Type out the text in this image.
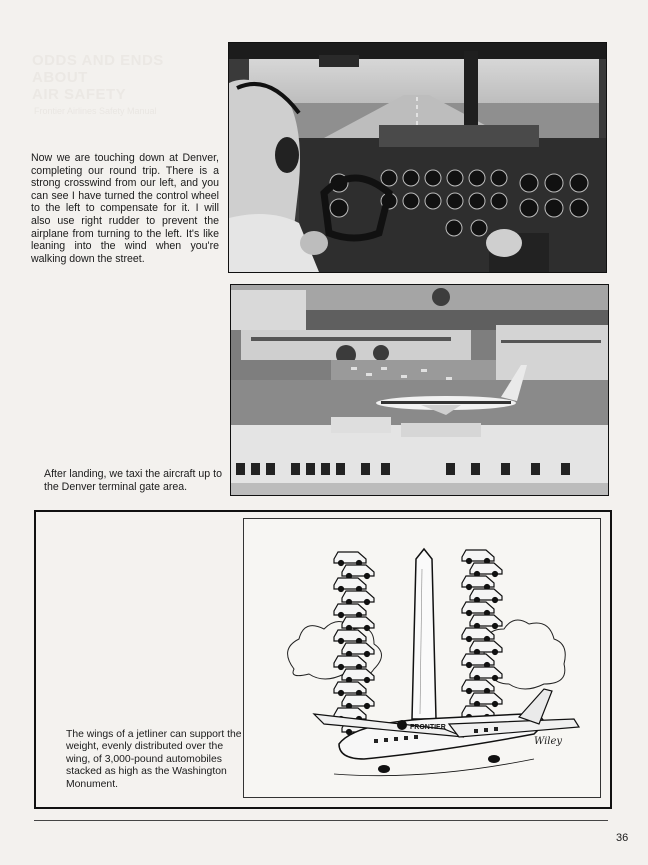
ODDS AND ENDS
ABOUT
AIR SAFETY
Frontier Airlines Safety Manual

Now we are touching down at Denver, completing our round trip. There is a strong crosswind from our left, and you can see I have turned the control wheel to the left to compensate for it. I will also use right rudder to prevent the airplane from turning to the left. It's like leaning into the wind when you're walking down the street.

After landing, we taxi the aircraft up to the Denver terminal gate area.

The wings of a jetliner can support the weight, evenly distributed over the wing, of 3,000-pound automobiles stacked as high as the Washington Monument.

FRONTIER
Wiley
36
